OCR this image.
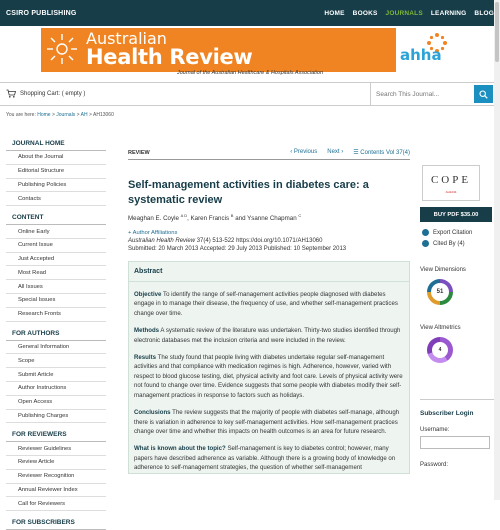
CSIRO PUBLISHING	HOME BOOKS JOURNALS LEARNING BLOG
Australian
Health Review	ahha
Journal of the Australian Healthcare & Hospitals Association
Shopping Cart: ( empty )
Search This Journal...
You are here: Home > Journals > AH > AH13060
JOURNAL HOME
About the Journal
Editorial Structure
Publishing Policies
Contacts
CONTENT
Online Early
Current Issue
Just Accepted
Most Read
All Issues
Special Issues
Research Fronts
FOR AUTHORS
General Information
Scope
Submit Article
Author Instructions
Open Access
Publishing Charges
FOR REVIEWERS
Reviewer Guidelines
Review Article
Reviewer Recognition
Annual Reviewer Index
Call for Reviewers
FOR SUBSCRIBERS
REVIEW	‹ Previous Next › ☰ Contents Vol 37(4)
Self-management activities in diabetes care: a systematic review
Meaghan E. Coyle $^{A D}$, Karen Francis $^B$ and Ysanne Chapman $^C$
+ Author Affiliations
Australian Health Review 37(4) 513-522 https://doi.org/10.1071/AH13060
Submitted: 20 March 2013 Accepted: 29 July 2013 Published: 10 September 2013
Abstract
Objective To identify the range of self-management activities people diagnosed with diabetes engage in to manage their disease, the frequency of use, and whether self-management practices change over time.
Methods A systematic review of the literature was undertaken. Thirty-two studies identified through electronic databases met the inclusion criteria and were included in the review.
Results The study found that people living with diabetes undertake regular self-management activities and that compliance with medication regimes is high. Adherence, however, varied with respect to blood glucose testing, diet, physical activity and foot care. Levels of physical activity were not found to change over time. Evidence suggests that some people with diabetes modify their self-management practices in response to factors such as holidays.
Conclusions The review suggests that the majority of people with diabetes self-manage, although there is variation in adherence to key self-management activities. How self-management practices change over time and whether this impacts on health outcomes is an area for future research.
What is known about the topic? Self-management is key to diabetes control; however, many papers have described adherence as variable. Although there is a growing body of knowledge on adherence to self-management strategies, the question of whether self-management
COPE
AH1234
BUY PDF $35.00
Export Citation
Cited By (4)
View Dimensions
51
View Altmetrics
4
Subscriber Login
Username:
Password:
